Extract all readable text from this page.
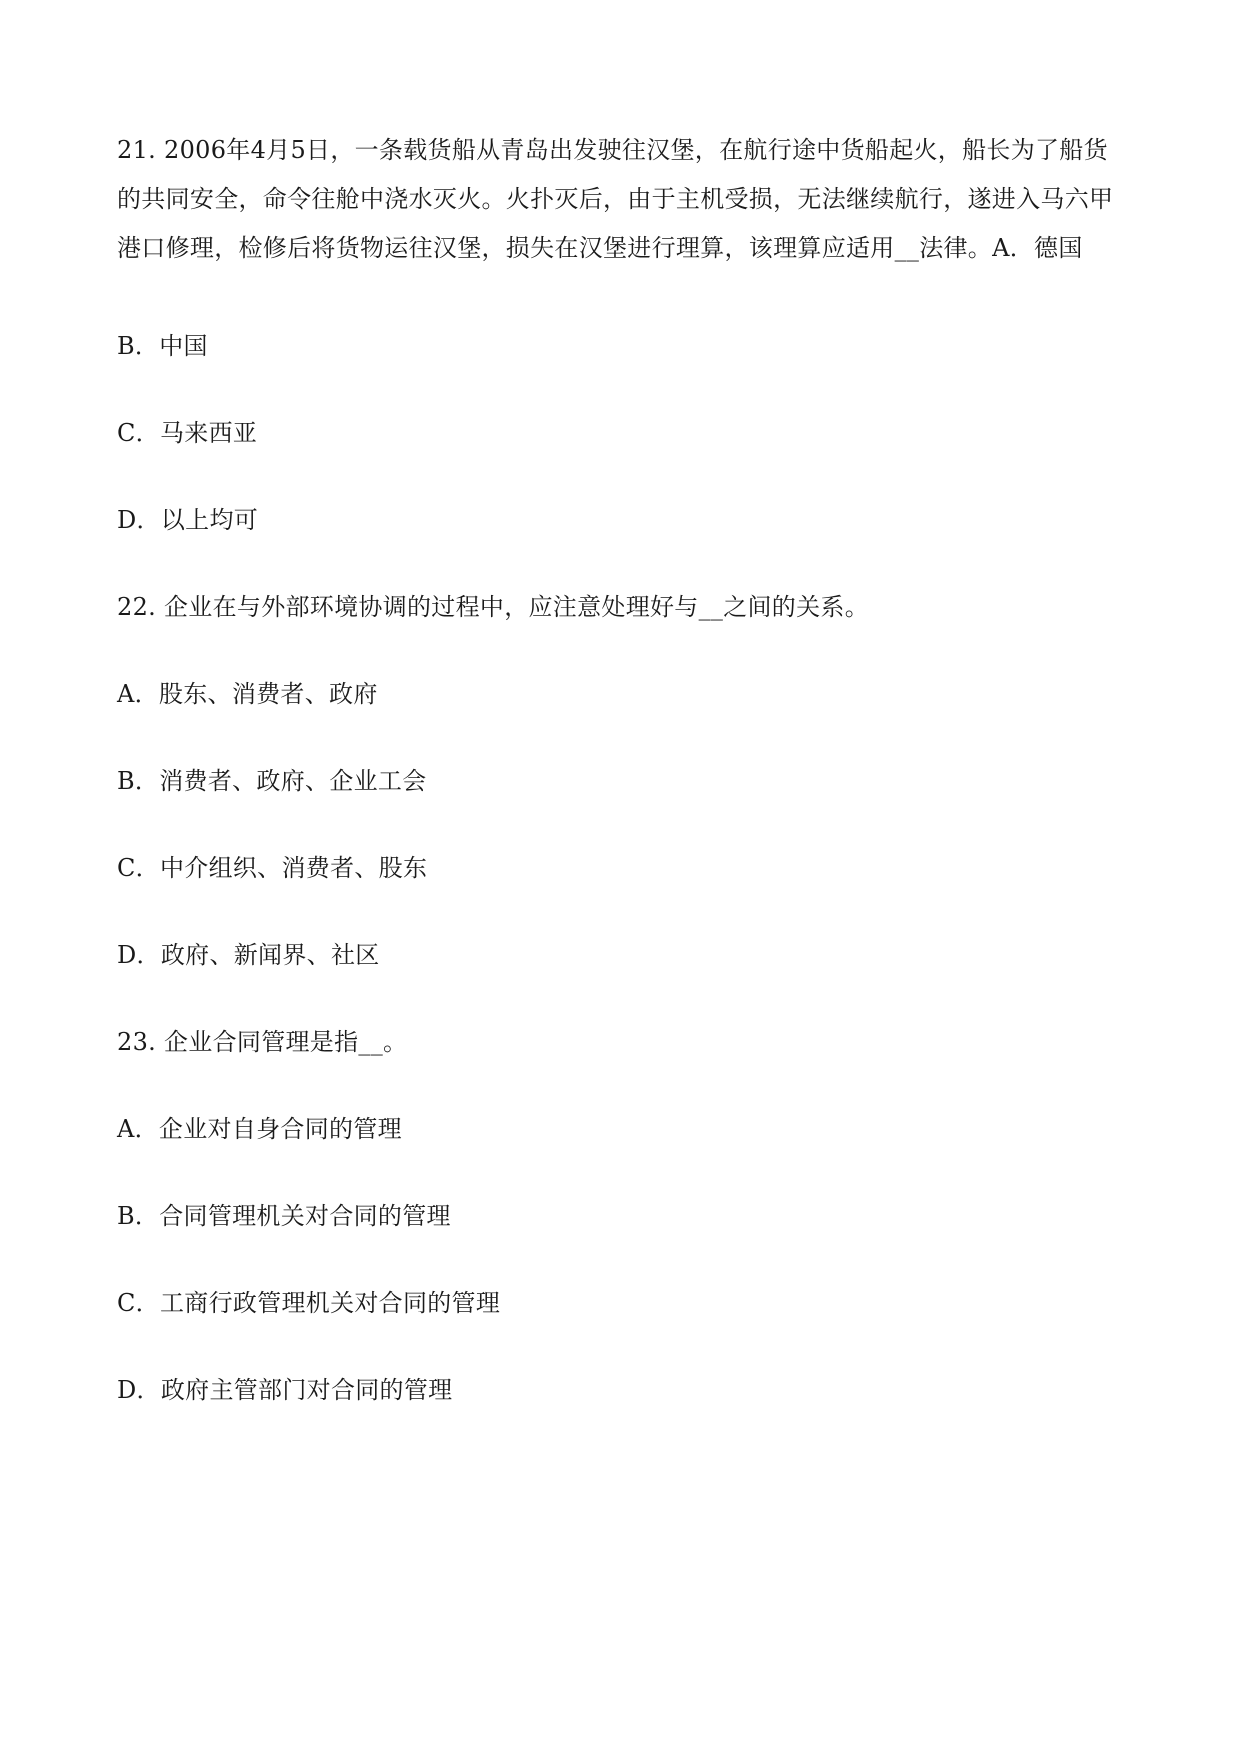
21. 2006年4月5日，一条载货船从青岛出发驶往汉堡，在航行途中货船起火，船长为了船货的共同安全，命令往舱中浇水灭火。火扑灭后，由于主机受损，无法继续航行，遂进入马六甲港口修理，检修后将货物运往汉堡，损失在汉堡进行理算，该理算应适用__法律。A．德国

B．中国

C．马来西亚

D．以上均可

22. 企业在与外部环境协调的过程中，应注意处理好与__之间的关系。

A．股东、消费者、政府

B．消费者、政府、企业工会

C．中介组织、消费者、股东

D．政府、新闻界、社区

23. 企业合同管理是指__。

A．企业对自身合同的管理

B．合同管理机关对合同的管理

C．工商行政管理机关对合同的管理

D．政府主管部门对合同的管理
